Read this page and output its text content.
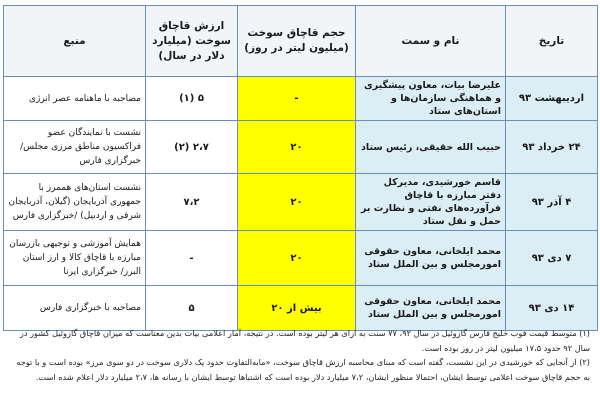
تاریخ	نام و سمت	حجم قاچاق سوخت (میلیون لیتر در روز)	ارزش قاچاق سوخت (میلیارد دلار در سال)	منبع
اردیبهشت ۹۳	علیرضا بیات، معاون پیشگیری و هماهنگی سازمان‌ها و استان‌های ستاد	-	۵ (۱)	مصاحبه با ماهنامه عصر انرژی
۲۴ خرداد ۹۳	حبیب الله حقیقی، رئیس ستاد	۲۰	۲،۷ (۲)	نشست با نمایندگان عضو فراکسیون مناطق مرزی مجلس/خبرگزاری فارس
۴ آذر ۹۳	قاسم خورشیدی، مدیرکل دفتر مبارزه با قاچاق فرآورده‌های نفتی و نظارت بر حمل و نقل ستاد	۲۰	۷،۲	نشست استان‌های هممرز با جمهوری آذربایجان (گیلان، آذربایجان شرقی و اردبیل) /خبرگزاری فارس
۷ دی ۹۳	محمد ایلخانی، معاون حقوقی امورمجلس و بین الملل ستاد	۲۰	-	همایش آموزشی و توجیهی بازرسان مبارزه با قاچاق کالا و ارز استان البرز/ خبرگزاری ایرنا
۱۴ دی ۹۳	محمد ایلخانی، معاون حقوقی امورمجلس و بین الملل ستاد	بیش از ۲۰	۵	مصاحبه با خبرگزاری فارس

(۱) متوسط قیمت فوب خلیج فارس گازوئیل در سال ۹۲، ۷۷ سنت به ازای هر لیتر بوده است. در نتیجه، آمار اعلامی بیات بدین معناست که میزان قاچاق گازوئیل کشور در سال ۹۲ حدود ۱۷،۵ میلیون لیتر در روز بوده است.

(۲) از آنجایی که خورشیدی در این نشست، گفته است که مبنای محاسبه ارزش قاچاق سوخت، «مابه‌التفاوت حدود یک دلاری سوخت در دو سوی مرز» بوده است و با توجه به حجم قاچاق سوخت اعلامی توسط ایشان، احتمالا منظور ایشان، ۷،۲ میلیارد دلار بوده است که اشتباها توسط ایشان با رسانه ها، ۲،۷ میلیارد دلار اعلام شده است.
